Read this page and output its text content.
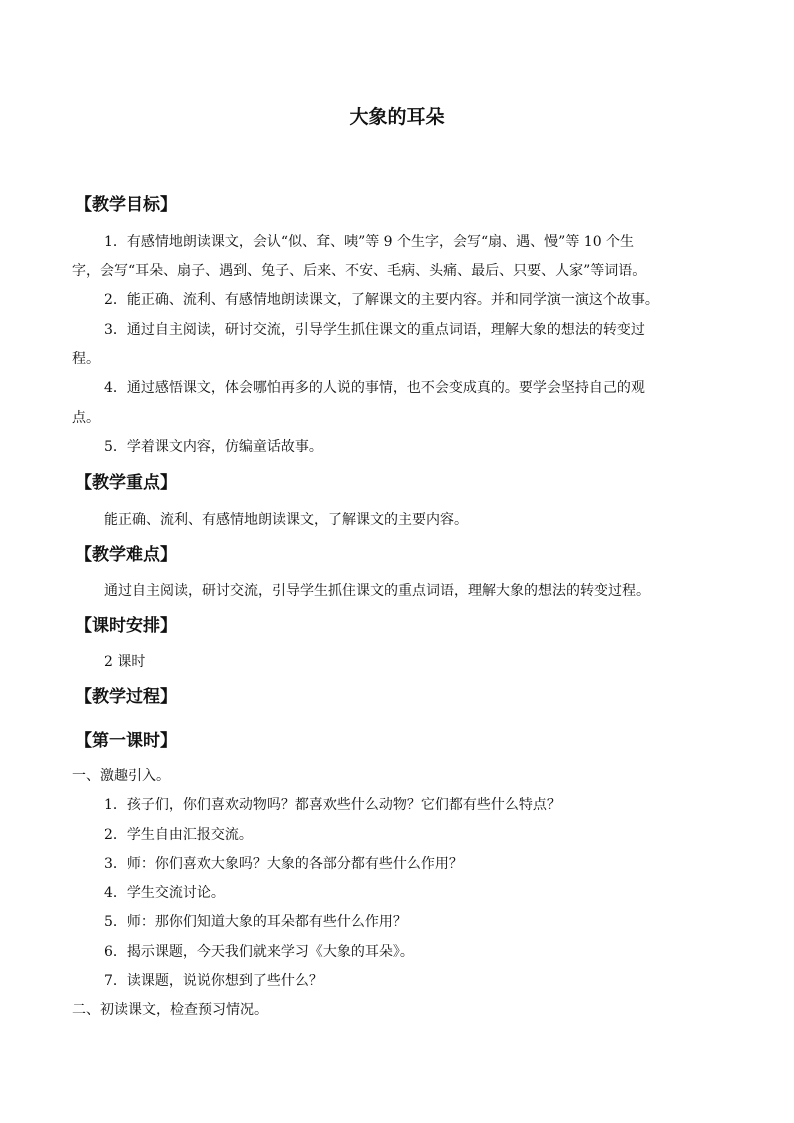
大象的耳朵
【教学目标】
1．有感情地朗读课文，会认“似、耷、咦”等 9 个生字，会写“扇、遇、慢”等 10 个生
字，会写“耳朵、扇子、遇到、兔子、后来、不安、毛病、头痛、最后、只要、人家”等词语。
2．能正确、流利、有感情地朗读课文，了解课文的主要内容。并和同学演一演这个故事。
3．通过自主阅读，研讨交流，引导学生抓住课文的重点词语，理解大象的想法的转变过
程。
4．通过感悟课文，体会哪怕再多的人说的事情，也不会变成真的。要学会坚持自己的观
点。
5．学着课文内容，仿编童话故事。
【教学重点】
能正确、流利、有感情地朗读课文，了解课文的主要内容。
【教学难点】
通过自主阅读，研讨交流，引导学生抓住课文的重点词语，理解大象的想法的转变过程。
【课时安排】
2 课时
【教学过程】
【第一课时】
一、激趣引入。
1．孩子们，你们喜欢动物吗？都喜欢些什么动物？它们都有些什么特点？
2．学生自由汇报交流。
3．师：你们喜欢大象吗？大象的各部分都有些什么作用？
4．学生交流讨论。
5．师：那你们知道大象的耳朵都有些什么作用？
6．揭示课题，今天我们就来学习《大象的耳朵》。
7．读课题，说说你想到了些什么？
二、初读课文，检查预习情况。
